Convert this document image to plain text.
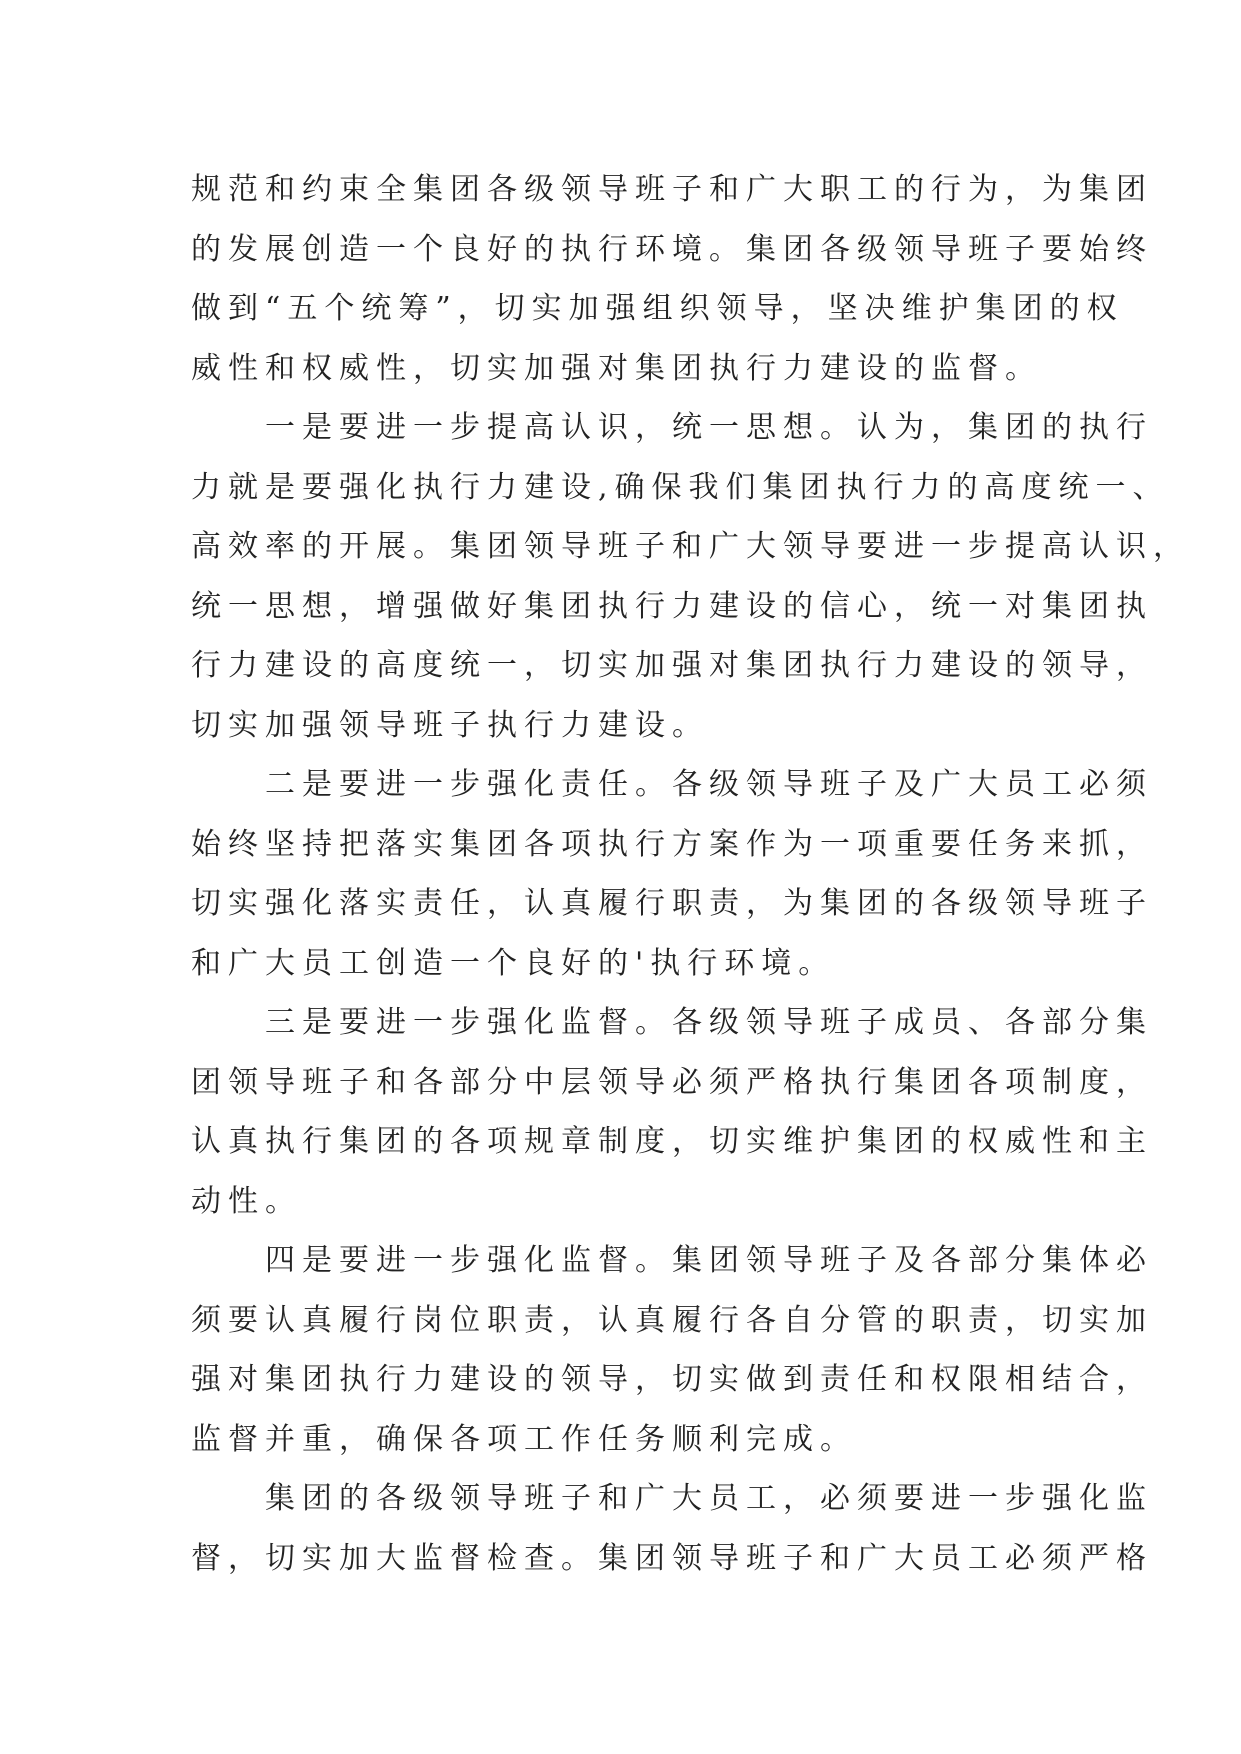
规范和约束全集团各级领导班子和广大职工的行为，为集团
的发展创造一个良好的执行环境。集团各级领导班子要始终
做到“五个统筹”，切实加强组织领导，坚决维护集团的权
威性和权威性，切实加强对集团执行力建设的监督。

一是要进一步提高认识，统一思想。认为，集团的执行
力就是要强化执行力建设,确保我们集团执行力的高度统一、
高效率的开展。集团领导班子和广大领导要进一步提高认识，
统一思想，增强做好集团执行力建设的信心，统一对集团执
行力建设的高度统一，切实加强对集团执行力建设的领导，
切实加强领导班子执行力建设。

二是要进一步强化责任。各级领导班子及广大员工必须
始终坚持把落实集团各项执行方案作为一项重要任务来抓，
切实强化落实责任，认真履行职责，为集团的各级领导班子
和广大员工创造一个良好的'执行环境。

三是要进一步强化监督。各级领导班子成员、各部分集
团领导班子和各部分中层领导必须严格执行集团各项制度，
认真执行集团的各项规章制度，切实维护集团的权威性和主
动性。

四是要进一步强化监督。集团领导班子及各部分集体必
须要认真履行岗位职责，认真履行各自分管的职责，切实加
强对集团执行力建设的领导，切实做到责任和权限相结合，
监督并重，确保各项工作任务顺利完成。

集团的各级领导班子和广大员工，必须要进一步强化监
督，切实加大监督检查。集团领导班子和广大员工必须严格
